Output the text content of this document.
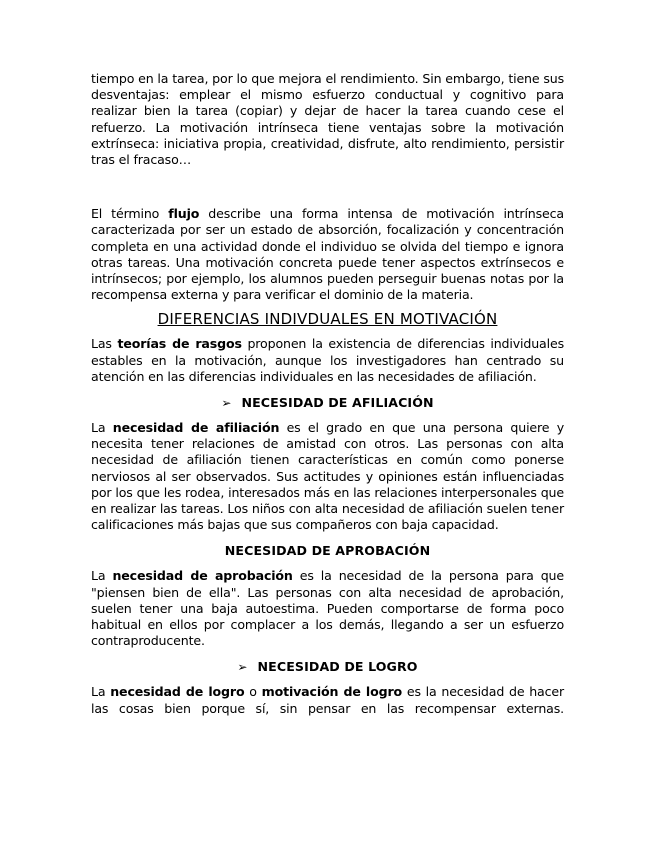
tiempo en la tarea, por lo que mejora el rendimiento. Sin embargo, tiene sus desventajas: emplear el mismo esfuerzo conductual y cognitivo para realizar bien la tarea (copiar) y dejar de hacer la tarea cuando cese el refuerzo. La motivación intrínseca tiene ventajas sobre la motivación extrínseca: iniciativa propia, creatividad, disfrute, alto rendimiento, persistir tras el fracaso…

El término flujo describe una forma intensa de motivación intrínseca caracterizada por ser un estado de absorción, focalización y concentración completa en una actividad donde el individuo se olvida del tiempo e ignora otras tareas. Una motivación concreta puede tener aspectos extrínsecos e intrínsecos; por ejemplo, los alumnos pueden perseguir buenas notas por la recompensa externa y para verificar el dominio de la materia.

DIFERENCIAS INDIVDUALES EN MOTIVACIÓN

Las teorías de rasgos proponen la existencia de diferencias individuales estables en la motivación, aunque los investigadores han centrado su atención en las diferencias individuales en las necesidades de afiliación.

➢ NECESIDAD DE AFILIACIÓN

La necesidad de afiliación es el grado en que una persona quiere y necesita tener relaciones de amistad con otros. Las personas con alta necesidad de afiliación tienen características en común como ponerse nerviosos al ser observados. Sus actitudes y opiniones están influenciadas por los que les rodea, interesados más en las relaciones interpersonales que en realizar las tareas. Los niños con alta necesidad de afiliación suelen tener calificaciones más bajas que sus compañeros con baja capacidad.

NECESIDAD DE APROBACIÓN

La necesidad de aprobación es la necesidad de la persona para que "piensen bien de ella". Las personas con alta necesidad de aprobación, suelen tener una baja autoestima. Pueden comportarse de forma poco habitual en ellos por complacer a los demás, llegando a ser un esfuerzo contraproducente.

➢ NECESIDAD DE LOGRO

La necesidad de logro o motivación de logro es la necesidad de hacer las cosas bien porque sí, sin pensar en las recompensar externas.
